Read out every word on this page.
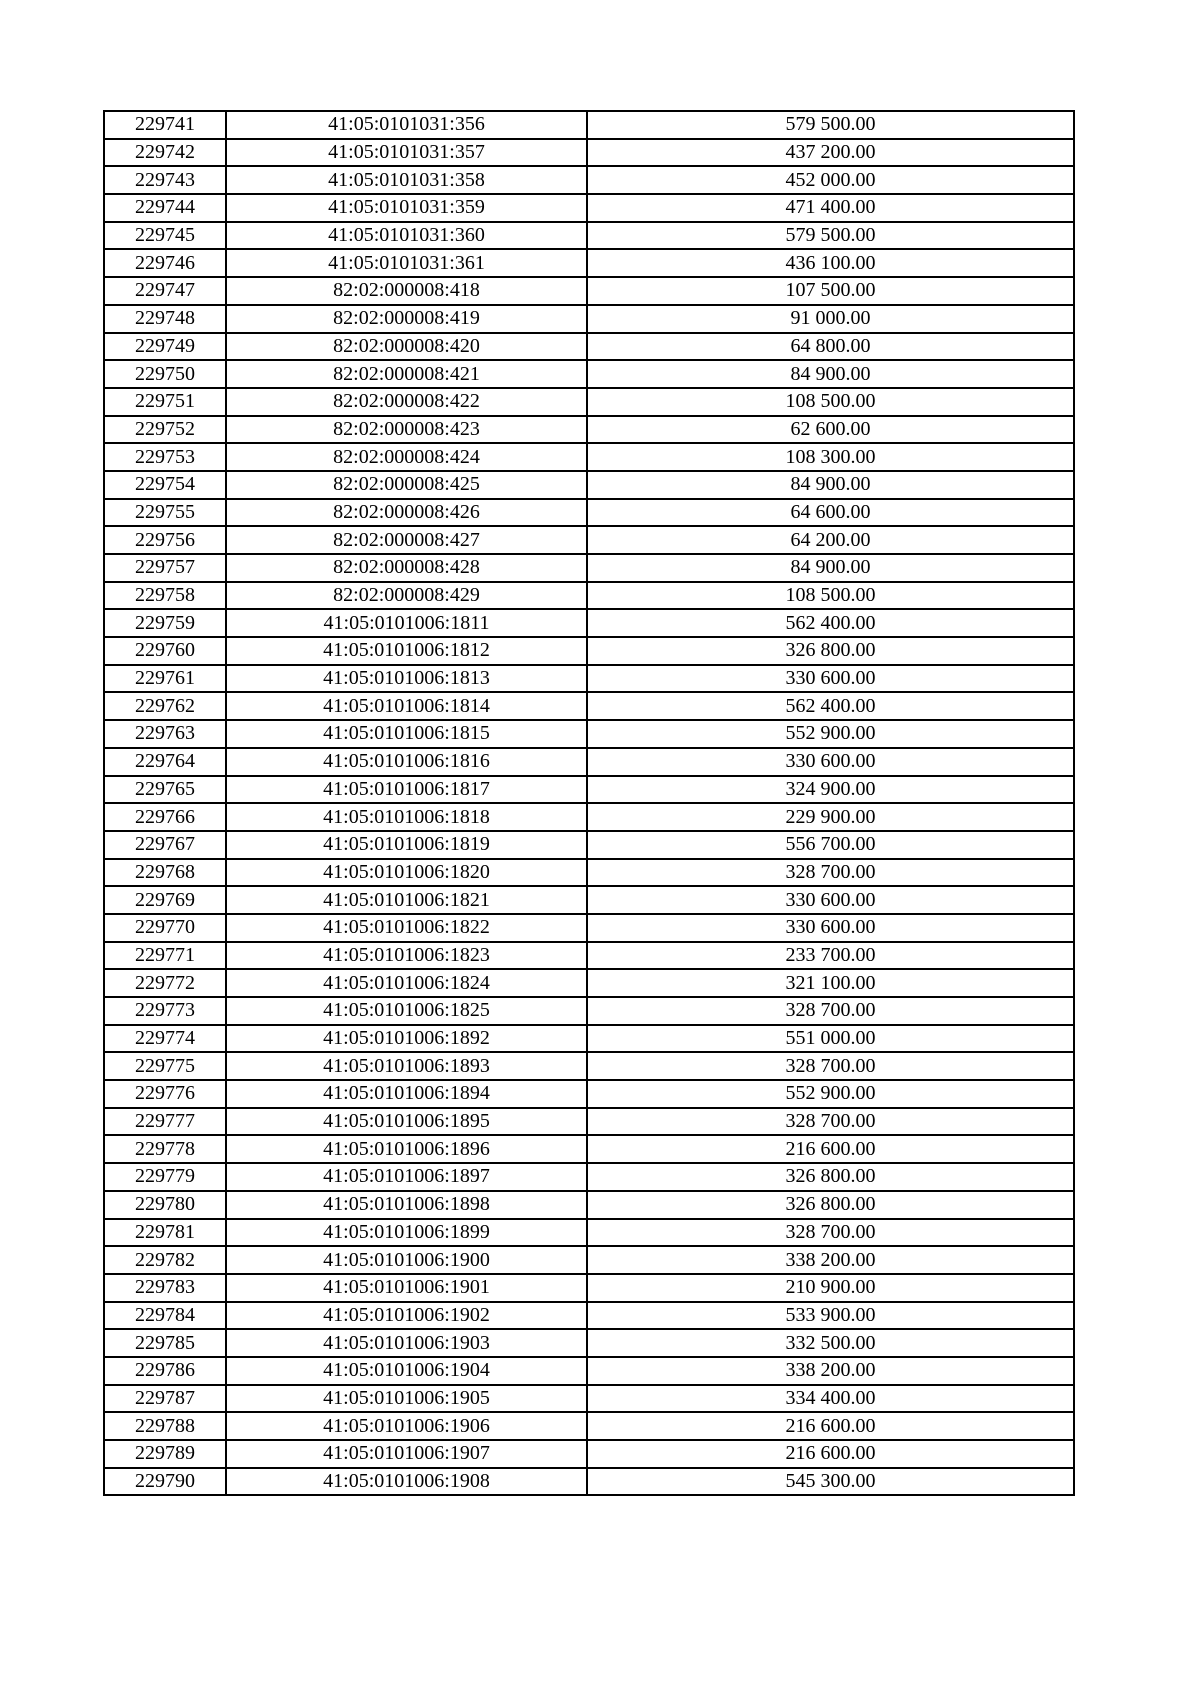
229741	41:05:0101031:356	579 500.00
229742	41:05:0101031:357	437 200.00
229743	41:05:0101031:358	452 000.00
229744	41:05:0101031:359	471 400.00
229745	41:05:0101031:360	579 500.00
229746	41:05:0101031:361	436 100.00
229747	82:02:000008:418	107 500.00
229748	82:02:000008:419	91 000.00
229749	82:02:000008:420	64 800.00
229750	82:02:000008:421	84 900.00
229751	82:02:000008:422	108 500.00
229752	82:02:000008:423	62 600.00
229753	82:02:000008:424	108 300.00
229754	82:02:000008:425	84 900.00
229755	82:02:000008:426	64 600.00
229756	82:02:000008:427	64 200.00
229757	82:02:000008:428	84 900.00
229758	82:02:000008:429	108 500.00
229759	41:05:0101006:1811	562 400.00
229760	41:05:0101006:1812	326 800.00
229761	41:05:0101006:1813	330 600.00
229762	41:05:0101006:1814	562 400.00
229763	41:05:0101006:1815	552 900.00
229764	41:05:0101006:1816	330 600.00
229765	41:05:0101006:1817	324 900.00
229766	41:05:0101006:1818	229 900.00
229767	41:05:0101006:1819	556 700.00
229768	41:05:0101006:1820	328 700.00
229769	41:05:0101006:1821	330 600.00
229770	41:05:0101006:1822	330 600.00
229771	41:05:0101006:1823	233 700.00
229772	41:05:0101006:1824	321 100.00
229773	41:05:0101006:1825	328 700.00
229774	41:05:0101006:1892	551 000.00
229775	41:05:0101006:1893	328 700.00
229776	41:05:0101006:1894	552 900.00
229777	41:05:0101006:1895	328 700.00
229778	41:05:0101006:1896	216 600.00
229779	41:05:0101006:1897	326 800.00
229780	41:05:0101006:1898	326 800.00
229781	41:05:0101006:1899	328 700.00
229782	41:05:0101006:1900	338 200.00
229783	41:05:0101006:1901	210 900.00
229784	41:05:0101006:1902	533 900.00
229785	41:05:0101006:1903	332 500.00
229786	41:05:0101006:1904	338 200.00
229787	41:05:0101006:1905	334 400.00
229788	41:05:0101006:1906	216 600.00
229789	41:05:0101006:1907	216 600.00
229790	41:05:0101006:1908	545 300.00
